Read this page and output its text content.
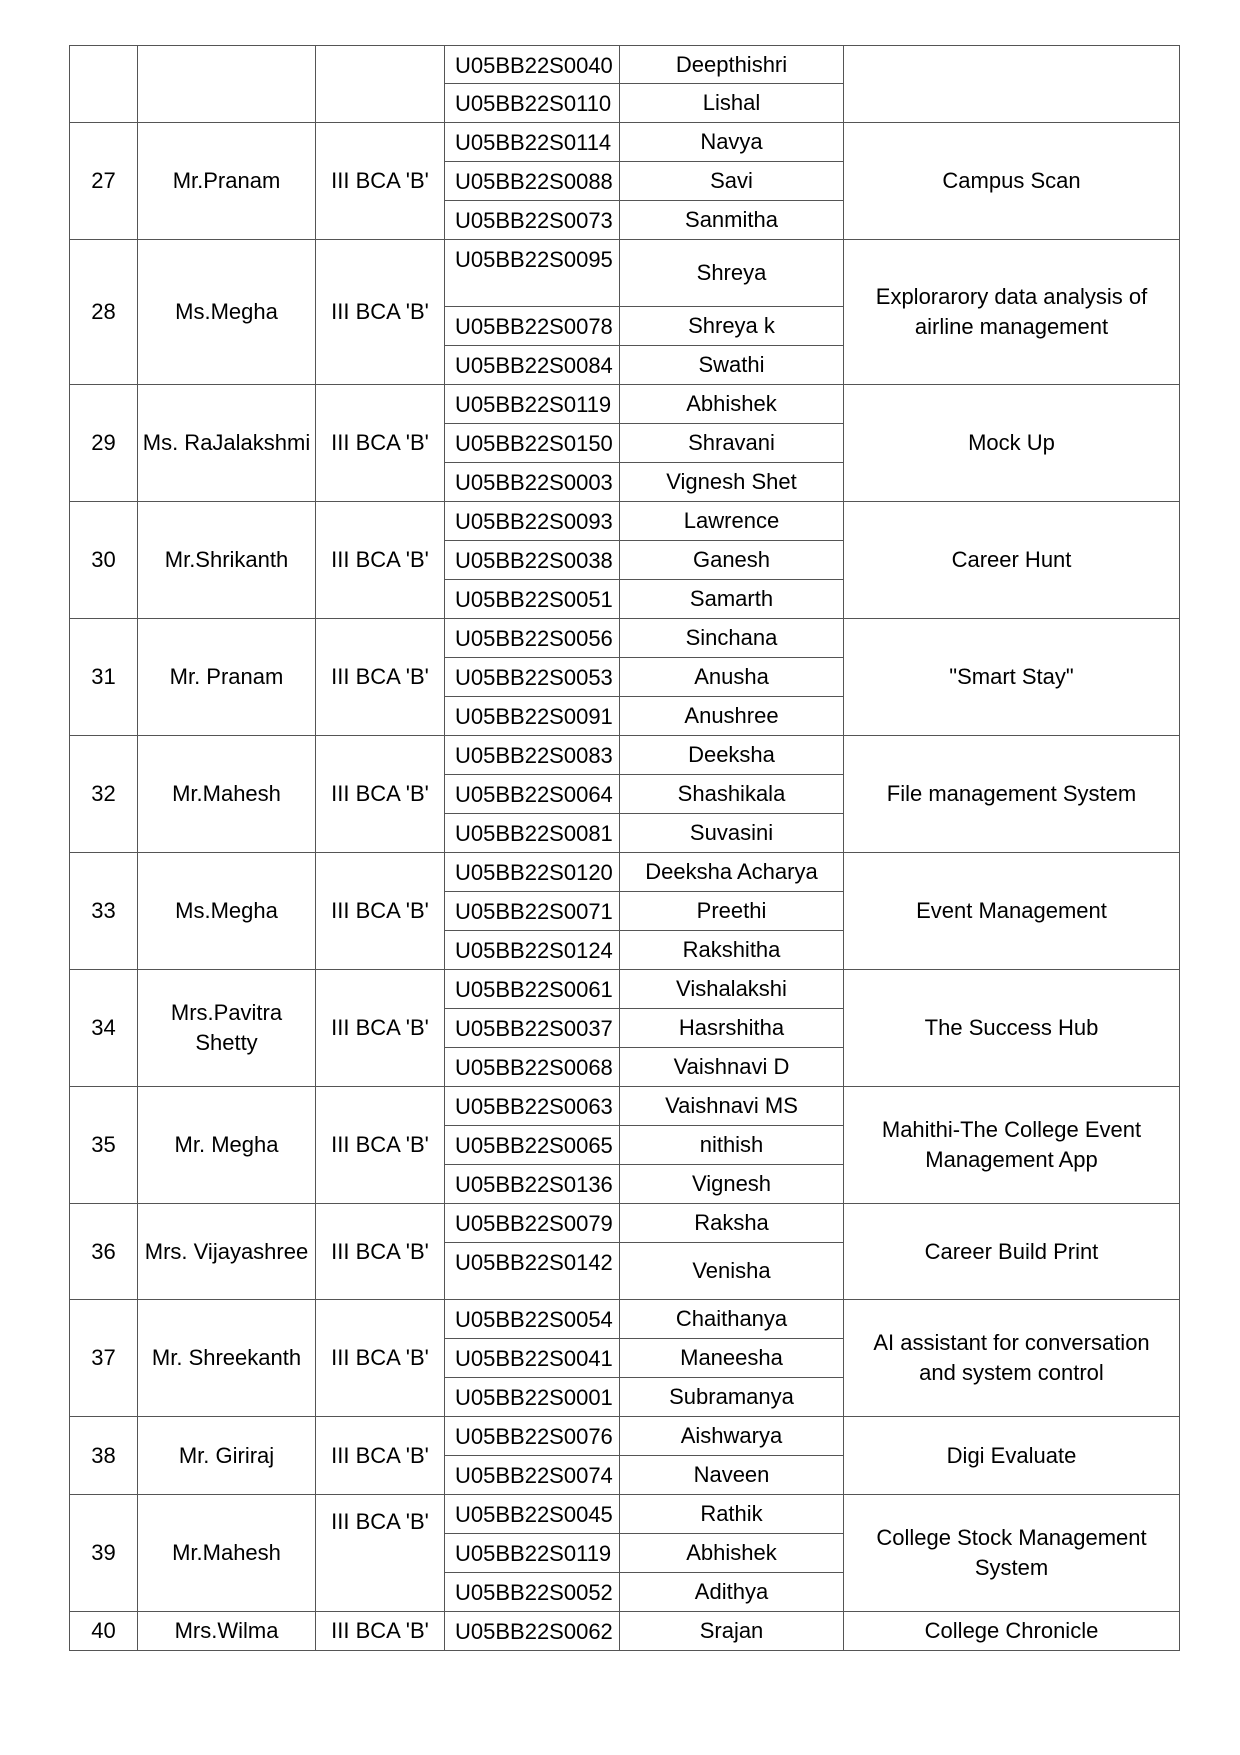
			U05BB22S0040	Deepthishri	
			U05BB22S0110	Lishal	
27	Mr.Pranam	III BCA 'B'	U05BB22S0114	Navya	Campus Scan
			U05BB22S0088	Savi	
			U05BB22S0073	Sanmitha	
28	Ms.Megha	III BCA 'B'	U05BB22S0095	Shreya	Explorarory data analysis of airline management
			U05BB22S0078	Shreya k	
			U05BB22S0084	Swathi	
29	Ms. RaJalakshmi	III BCA 'B'	U05BB22S0119	Abhishek	Mock Up
			U05BB22S0150	Shravani	
			U05BB22S0003	Vignesh Shet	
30	Mr.Shrikanth	III BCA 'B'	U05BB22S0093	Lawrence	Career Hunt
			U05BB22S0038	Ganesh	
			U05BB22S0051	Samarth	
31	Mr. Pranam	III BCA 'B'	U05BB22S0056	Sinchana	"Smart Stay"
			U05BB22S0053	Anusha	
			U05BB22S0091	Anushree	
32	Mr.Mahesh	III BCA 'B'	U05BB22S0083	Deeksha	File management System
			U05BB22S0064	Shashikala	
			U05BB22S0081	Suvasini	
33	Ms.Megha	III BCA 'B'	U05BB22S0120	Deeksha Acharya	Event Management
			U05BB22S0071	Preethi	
			U05BB22S0124	Rakshitha	
34	Mrs.Pavitra Shetty	III BCA 'B'	U05BB22S0061	Vishalakshi	The Success Hub
			U05BB22S0037	Hasrshitha	
			U05BB22S0068	Vaishnavi D	
35	Mr. Megha	III BCA 'B'	U05BB22S0063	Vaishnavi MS	Mahithi-The College Event Management App
			U05BB22S0065	nithish	
			U05BB22S0136	Vignesh	
36	Mrs. Vijayashree	III BCA 'B'	U05BB22S0079	Raksha	Career Build Print
			U05BB22S0142	Venisha	
37	Mr. Shreekanth	III BCA 'B'	U05BB22S0054	Chaithanya	AI assistant for conversation and system control
			U05BB22S0041	Maneesha	
			U05BB22S0001	Subramanya	
38	Mr. Giriraj	III BCA 'B'	U05BB22S0076	Aishwarya	Digi Evaluate
			U05BB22S0074	Naveen	
39	Mr.Mahesh	III BCA 'B'	U05BB22S0045	Rathik	College Stock Management System
			U05BB22S0119	Abhishek	
			U05BB22S0052	Adithya	
40	Mrs.Wilma	III BCA 'B'	U05BB22S0062	Srajan	College Chronicle
